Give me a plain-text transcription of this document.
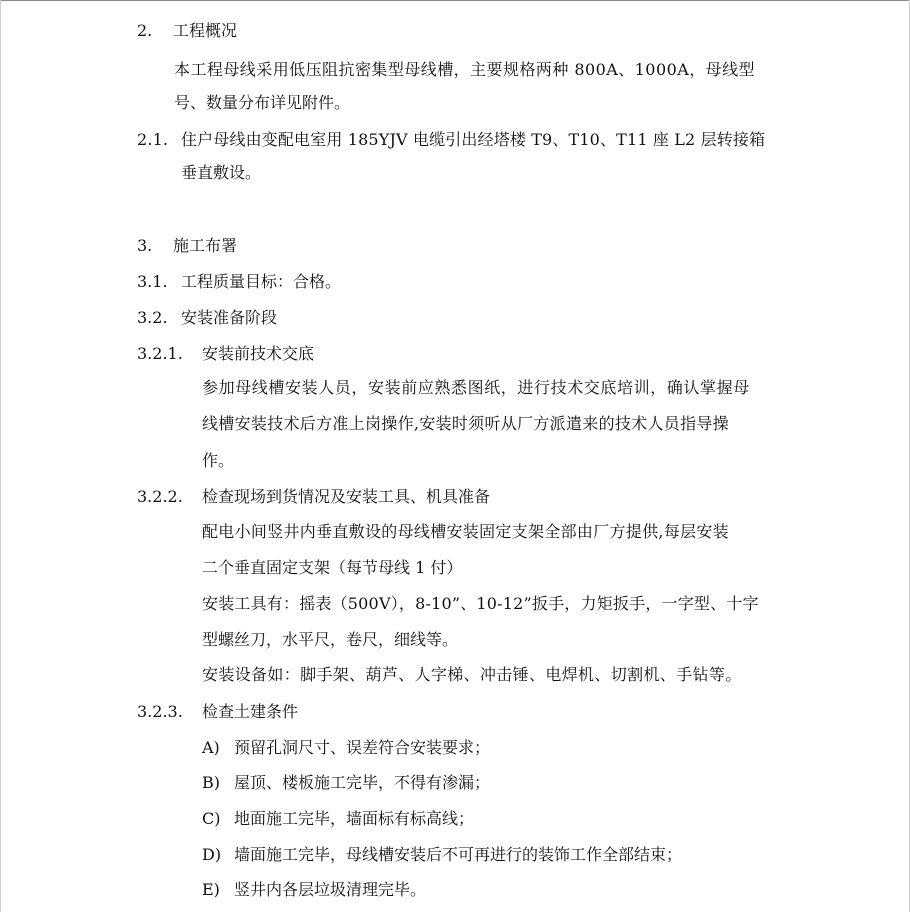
2. 工程概况
本工程母线采用低压阻抗密集型母线槽，主要规格两种 800A、1000A，母线型
号、数量分布详见附件。
2.1. 住户母线由变配电室用 185YJV 电缆引出经塔楼 T9、T10、T11 座 L2 层转接箱
垂直敷设。
3. 施工布署
3.1. 工程质量目标：合格。
3.2. 安装准备阶段
3.2.1. 安装前技术交底
参加母线槽安装人员，安装前应熟悉图纸，进行技术交底培训，确认掌握母
线槽安装技术后方准上岗操作,安装时须听从厂方派遣来的技术人员指导操
作。
3.2.2. 检查现场到货情况及安装工具、机具准备
配电小间竖井内垂直敷设的母线槽安装固定支架全部由厂方提供,每层安装
二个垂直固定支架（每节母线 1 付）
安装工具有：摇表（500V），8-10”、10-12”扳手，力矩扳手，一字型、十字
型螺丝刀，水平尺，卷尺，细线等。
安装设备如：脚手架、葫芦、人字梯、冲击锤、电焊机、切割机、手钻等。
3.2.3. 检查土建条件
A) 预留孔洞尺寸、误差符合安装要求；
B) 屋顶、楼板施工完毕，不得有渗漏；
C) 地面施工完毕，墙面标有标高线；
D) 墙面施工完毕，母线槽安装后不可再进行的装饰工作全部结束；
E) 竖井内各层垃圾清理完毕。
